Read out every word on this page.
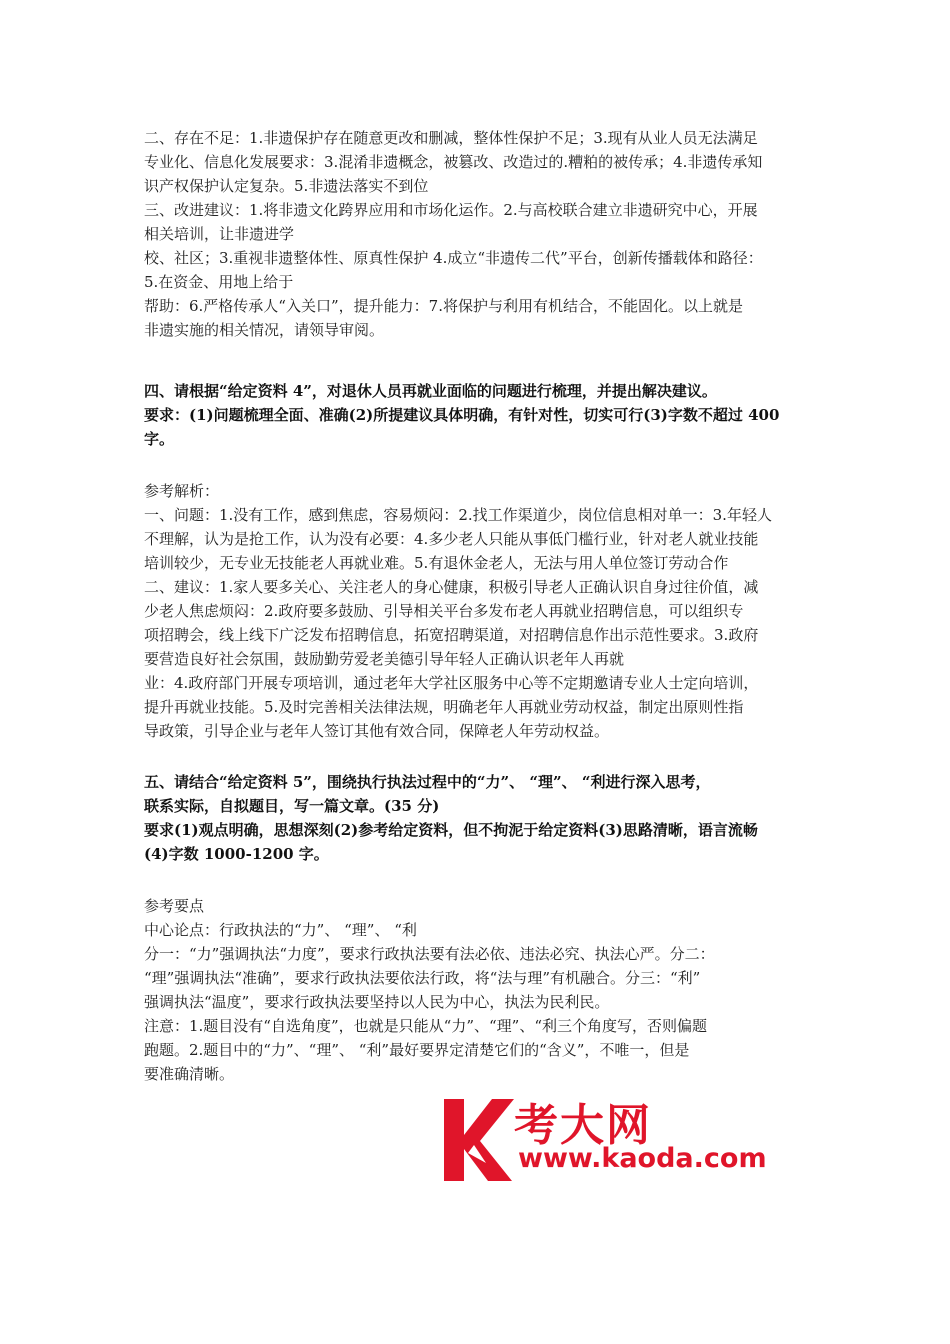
二、存在不足：1.非遗保护存在随意更改和删减，整体性保护不足；3.现有从业人员无法满足
专业化、信息化发展要求：3.混淆非遗概念，被篡改、改造过的.糟粕的被传承；4.非遗传承知
识产权保护认定复杂。5.非遗法落实不到位
三、改进建议：1.将非遗文化跨界应用和市场化运作。2.与高校联合建立非遗研究中心，开展
相关培训，让非遗进学
校、社区；3.重视非遗整体性、原真性保护 4.成立“非遗传二代”平台，创新传播载体和路径：
5.在资金、用地上给于
帮助：6.严格传承人“入关口”，提升能力：7.将保护与利用有机结合，不能固化。以上就是
非遗实施的相关情况，请领导审阅。
四、请根据“给定资料 4”，对退休人员再就业面临的问题进行梳理，并提出解决建议。
要求：(1)问题梳理全面、准确(2)所提建议具体明确，有针对性，切实可行(3)字数不超过 400
字。
参考解析：
一、问题：1.没有工作，感到焦虑，容易烦闷：2.找工作渠道少，岗位信息相对单一：3.年轻人
不理解，认为是抢工作，认为没有必要：4.多少老人只能从事低门槛行业，针对老人就业技能
培训较少，无专业无技能老人再就业难。5.有退休金老人，无法与用人单位签订劳动合作
二、建议：1.家人要多关心、关注老人的身心健康，积极引导老人正确认识自身过往价值，减
少老人焦虑烦闷：2.政府要多鼓励、引导相关平台多发布老人再就业招聘信息，可以组织专
项招聘会，线上线下广泛发布招聘信息，拓宽招聘渠道，对招聘信息作出示范性要求。3.政府
要营造良好社会氛围，鼓励勤劳爱老美德引导年轻人正确认识老年人再就
业：4.政府部门开展专项培训，通过老年大学社区服务中心等不定期邀请专业人士定向培训，
提升再就业技能。5.及时完善相关法律法规，明确老年人再就业劳动权益，制定出原则性指
导政策，引导企业与老年人签订其他有效合同，保障老人年劳动权益。
五、请结合“给定资料 5”，围绕执行执法过程中的“力”、 “理”、 “利进行深入思考，
联系实际，自拟题目，写一篇文章。(35 分)
要求(1)观点明确，思想深刻(2)参考给定资料，但不拘泥于给定资料(3)思路清晰，语言流畅
(4)字数 1000-1200 字。
参考要点
中心论点：行政执法的“力”、 “理”、 “利
分一：“力”强调执法“力度”，要求行政执法要有法必依、违法必究、执法心严。分二：
“理”强调执法“准确”，要求行政执法要依法行政，将“法与理”有机融合。分三：“利”
强调执法“温度”，要求行政执法要坚持以人民为中心，执法为民利民。
注意：1.题目没有“自选角度”，也就是只能从“力”、“理”、“利三个角度写，否则偏题
跑题。2.题目中的“力”、“理”、 “利”最好要界定清楚它们的“含义”，不唯一，但是
要准确清晰。
考大网
www.kaoda.com
